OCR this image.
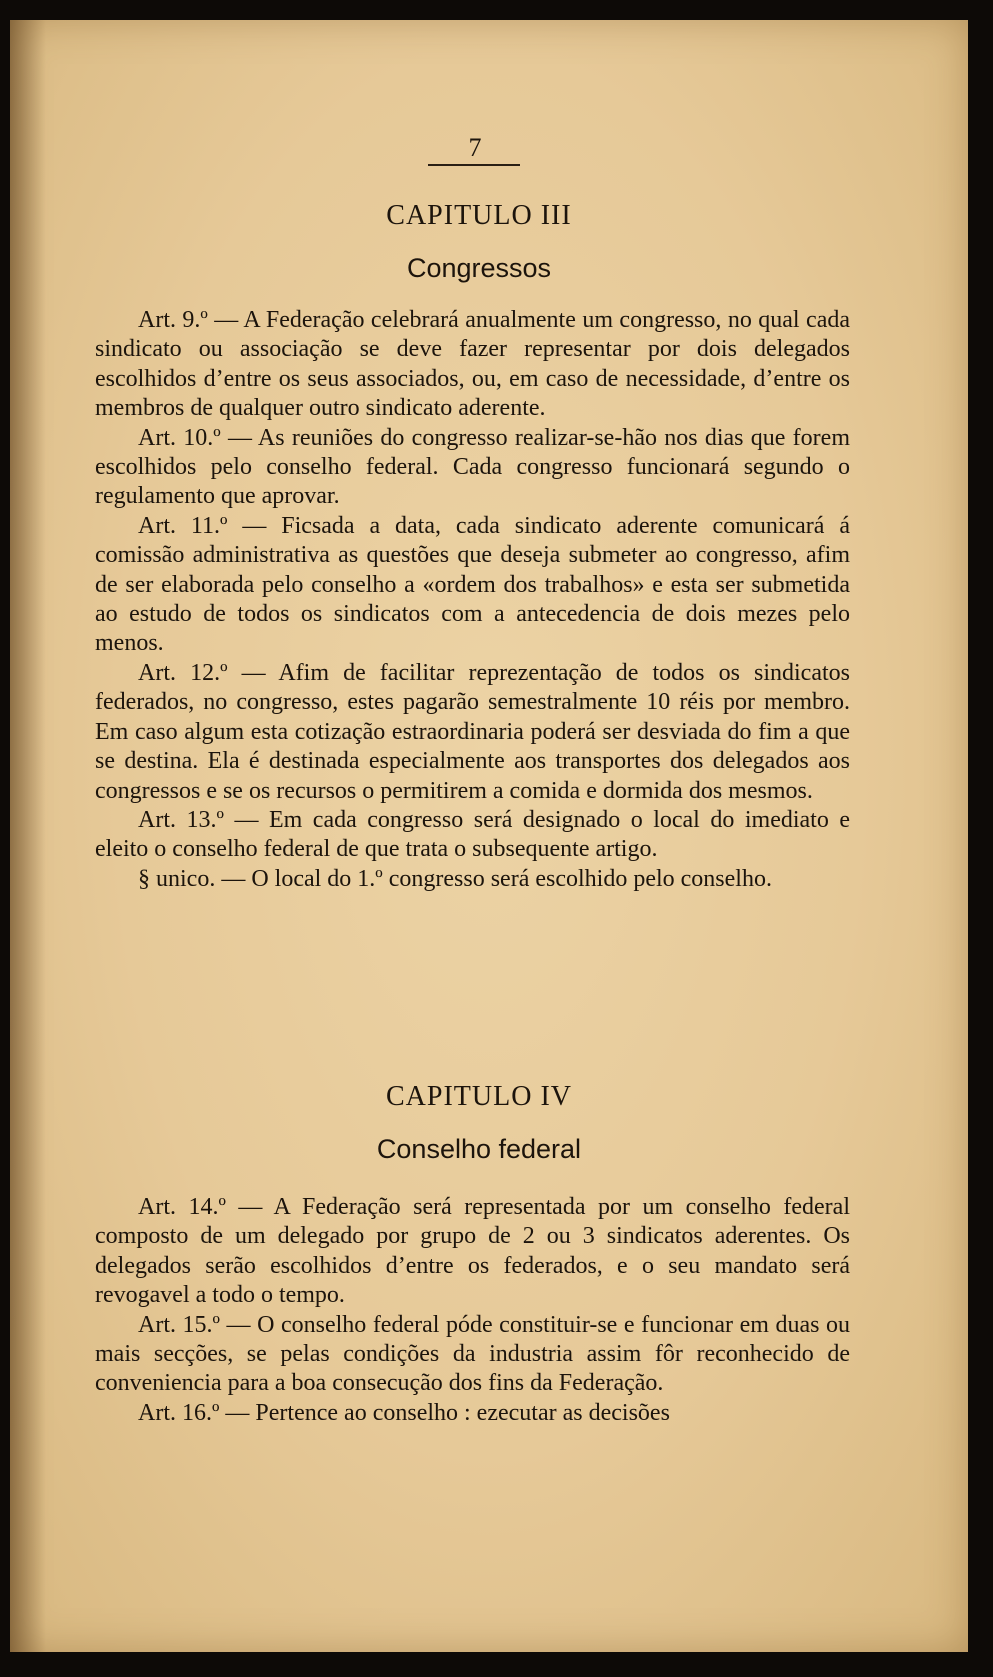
7
CAPITULO III
Congressos

Art. 9.º — A Federação celebrará anualmente um congresso, no qual cada sindicato ou associação se deve fazer representar por dois delegados escolhidos d’entre os seus associados, ou, em caso de necessidade, d’entre os membros de qualquer outro sindicato aderente.

Art. 10.º — As reuniões do congresso realizar-se-hão nos dias que forem escolhidos pelo conselho federal. Cada congresso funcionará segundo o regulamento que aprovar.

Art. 11.º — Ficsada a data, cada sindicato aderente comunicará á comissão administrativa as questões que deseja submeter ao congresso, afim de ser elaborada pelo conselho a «ordem dos trabalhos» e esta ser submetida ao estudo de todos os sindicatos com a antecedencia de dois mezes pelo menos.

Art. 12.º — Afim de facilitar reprezentação de todos os sindicatos federados, no congresso, estes pagarão semestralmente 10 réis por membro. Em caso algum esta cotização estraordinaria poderá ser desviada do fim a que se destina. Ela é destinada especialmente aos transportes dos delegados aos congressos e se os recursos o permitirem a comida e dormida dos mesmos.

Art. 13.º — Em cada congresso será designado o local do imediato e eleito o conselho federal de que trata o subsequente artigo.

§ unico. — O local do 1.º congresso será escolhido pelo conselho.

CAPITULO IV
Conselho federal

Art. 14.º — A Federação será representada por um conselho federal composto de um delegado por grupo de 2 ou 3 sindicatos aderentes. Os delegados serão escolhidos d’entre os federados, e o seu mandato será revogavel a todo o tempo.

Art. 15.º — O conselho federal póde constituir-se e funcionar em duas ou mais secções, se pelas condições da industria assim fôr reconhecido de conveniencia para a boa consecução dos fins da Federação.

Art. 16.º — Pertence ao conselho : ezecutar as decisões
